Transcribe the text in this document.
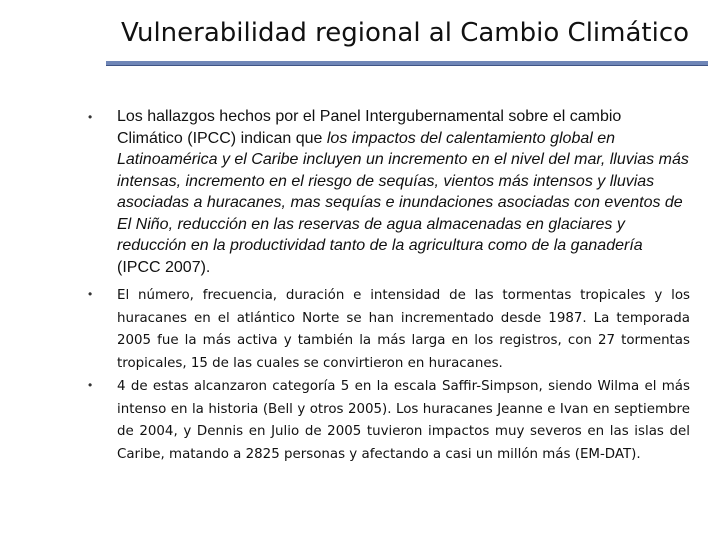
Vulnerabilidad regional al Cambio Climático
• Los hallazgos hechos por el Panel Intergubernamental sobre el cambio Climático (IPCC) indican que los impactos del calentamiento global en Latinoamérica y el Caribe incluyen un incremento en el nivel del mar, lluvias más intensas, incremento en el riesgo de sequías, vientos más intensos y lluvias asociadas a huracanes, mas sequías e inundaciones asociadas con eventos de El Niño, reducción en las reservas de agua almacenadas en glaciares y reducción en la productividad tanto de la agricultura como de la ganadería (IPCC 2007).
• El número, frecuencia, duración e intensidad de las tormentas tropicales y los huracanes en el atlántico Norte se han incrementado desde 1987. La temporada 2005 fue la más activa y también la más larga en los registros, con 27 tormentas tropicales, 15 de las cuales se convirtieron en huracanes.
• 4 de estas alcanzaron categoría 5 en la escala Saffir-Simpson, siendo Wilma el más intenso en la historia (Bell y otros 2005). Los huracanes Jeanne e Ivan en septiembre de 2004, y Dennis en Julio de 2005 tuvieron impactos muy severos en las islas del Caribe, matando a 2825 personas y afectando a casi un millón más (EM-DAT).
